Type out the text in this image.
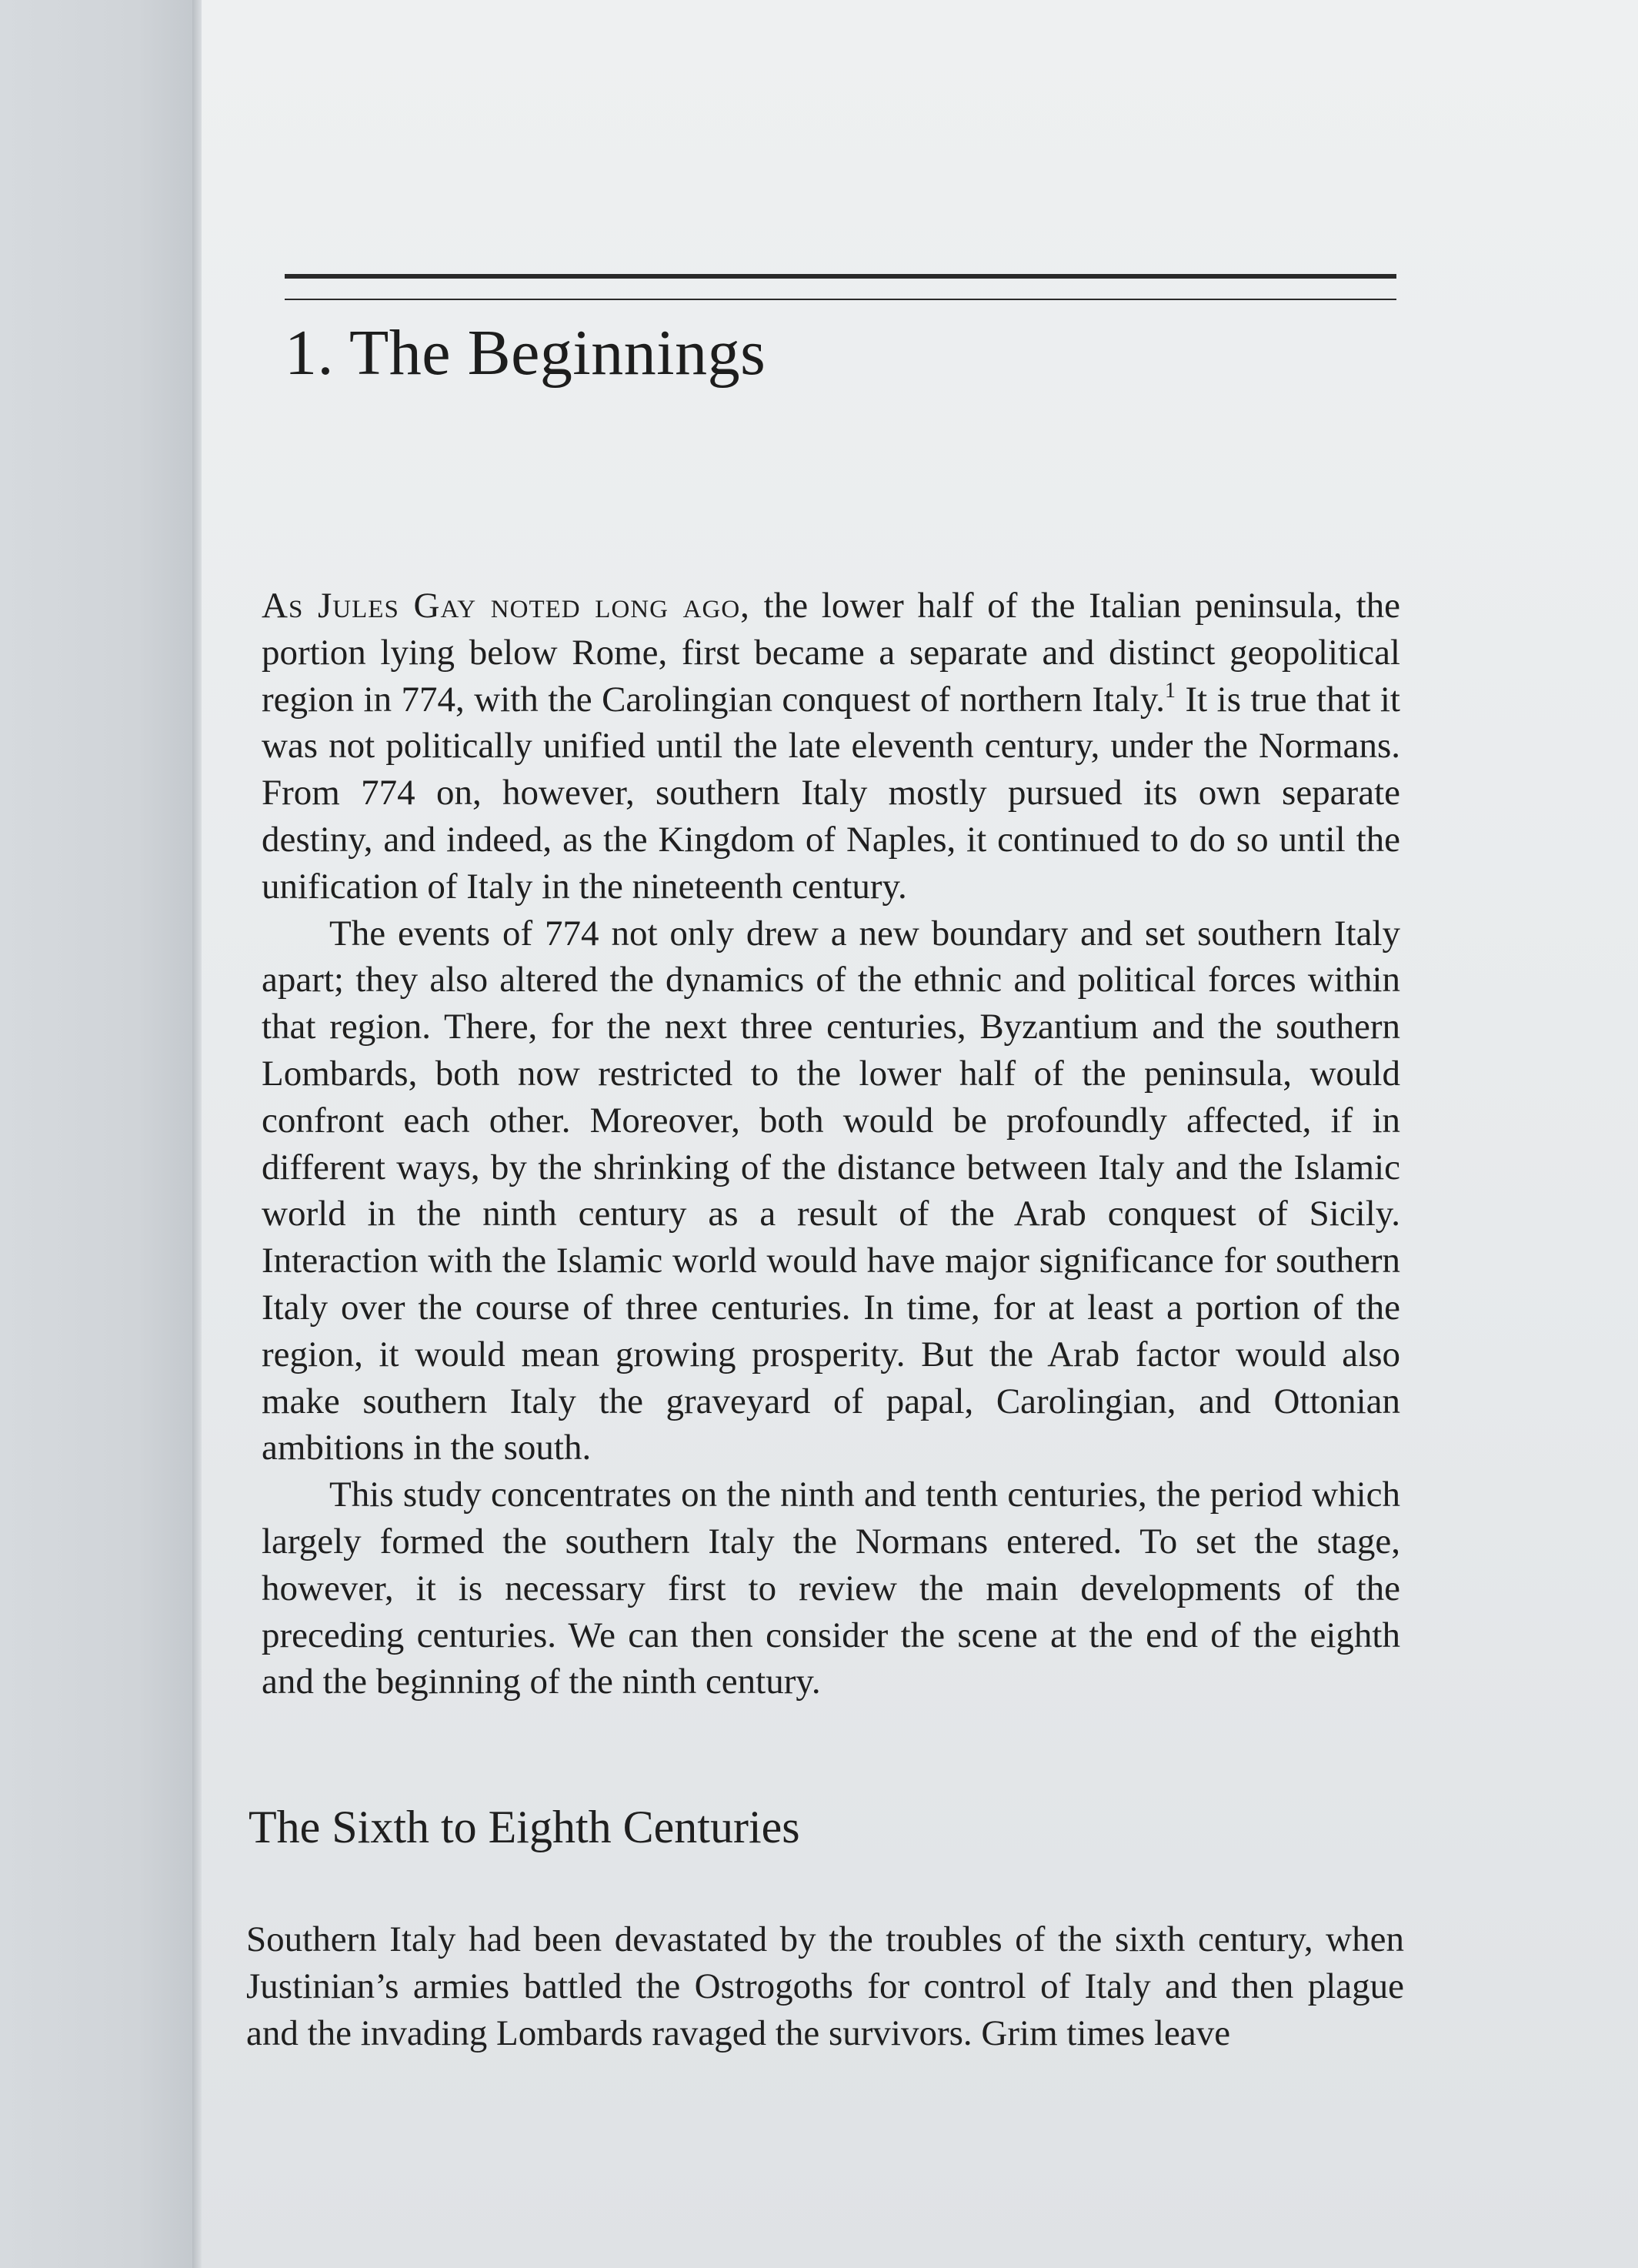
1. The Beginnings

As Jules Gay noted long ago, the lower half of the Italian peninsula, the portion lying below Rome, first became a separate and distinct geopolitical region in 774, with the Carolingian conquest of northern Italy.$^1$ It is true that it was not politically unified until the late eleventh century, under the Normans. From 774 on, however, southern Italy mostly pursued its own separate destiny, and indeed, as the Kingdom of Naples, it continued to do so until the unification of Italy in the nineteenth century.

The events of 774 not only drew a new boundary and set southern Italy apart; they also altered the dynamics of the ethnic and political forces within that region. There, for the next three centuries, Byzantium and the southern Lombards, both now restricted to the lower half of the peninsula, would confront each other. Moreover, both would be profoundly affected, if in different ways, by the shrinking of the distance between Italy and the Islamic world in the ninth century as a result of the Arab conquest of Sicily. Interaction with the Islamic world would have major significance for southern Italy over the course of three centuries. In time, for at least a portion of the region, it would mean growing prosperity. But the Arab factor would also make southern Italy the graveyard of papal, Carolingian, and Ottonian ambitions in the south.

This study concentrates on the ninth and tenth centuries, the period which largely formed the southern Italy the Normans entered. To set the stage, however, it is necessary first to review the main developments of the preceding centuries. We can then consider the scene at the end of the eighth and the beginning of the ninth century.

The Sixth to Eighth Centuries

Southern Italy had been devastated by the troubles of the sixth century, when Justinian’s armies battled the Ostrogoths for control of Italy and then plague and the invading Lombards ravaged the survivors. Grim times leave
